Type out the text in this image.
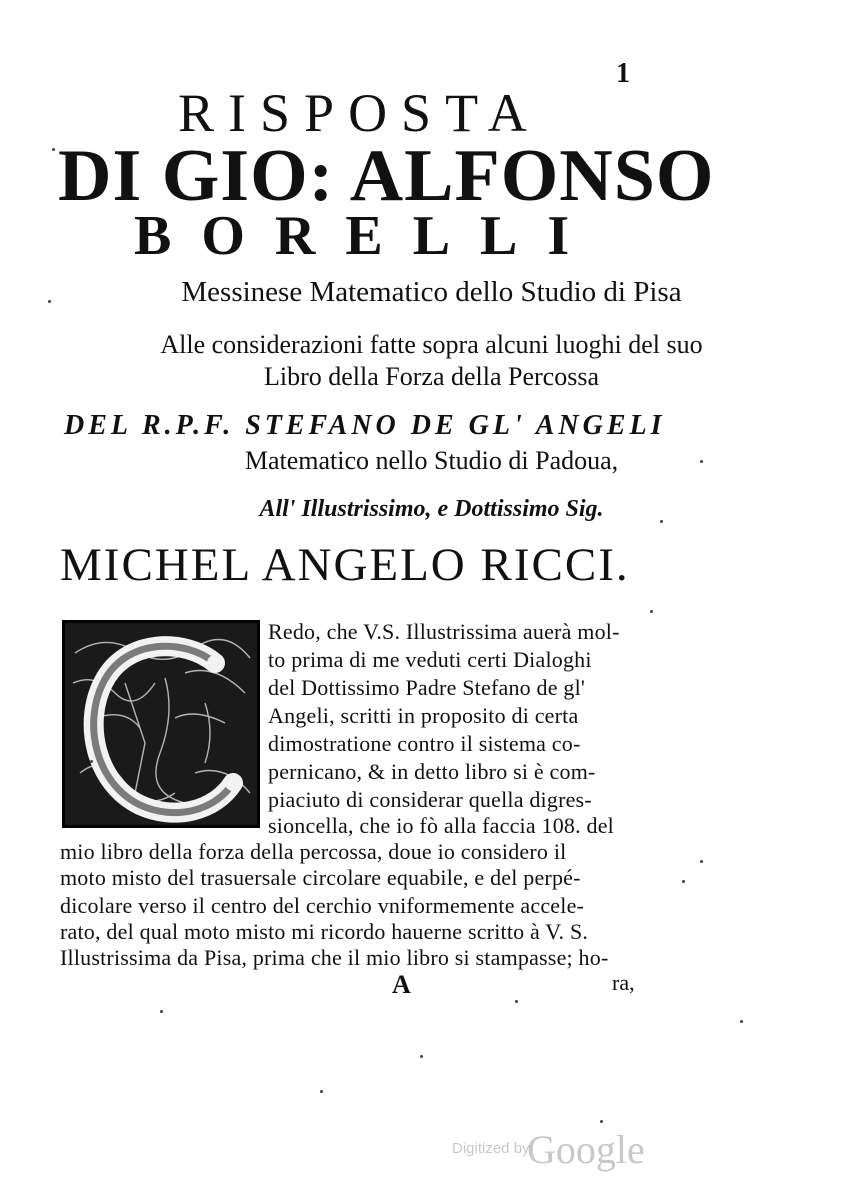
1
RISPOSTA
DI GIO: ALFONSO
BORELLI
Messinese Matematico dello Studio di Pisa
Alle considerazioni fatte sopra alcuni luoghi del suo
Libro della Forza della Percossa
DEL R.P.F. STEFANO DE GL' ANGELI
Matematico nello Studio di Padoua,
All' Illustrissimo, e Dottissimo Sig.
MICHEL ANGELO RICCI.
Redo, che V.S. Illustrissima auerà mol-
to prima di me veduti certi Dialoghi
del Dottissimo Padre Stefano de gl'
Angeli, scritti in proposito di certa
dimostratione contro il sistema co-
pernicano, & in detto libro si è com-
piaciuto di considerar quella digres-
sioncella, che io fò alla faccia 108. del
mio libro della forza della percossa, doue io considero il
moto misto del trasuersale circolare equabile, e del perpé-
dicolare verso il centro del cerchio vniformemente accele-
rato, del qual moto misto mi ricordo hauerne scritto à V. S.
Illustrissima da Pisa, prima che il mio libro si stampasse; ho-
A	ra,
Digitized by
Google
